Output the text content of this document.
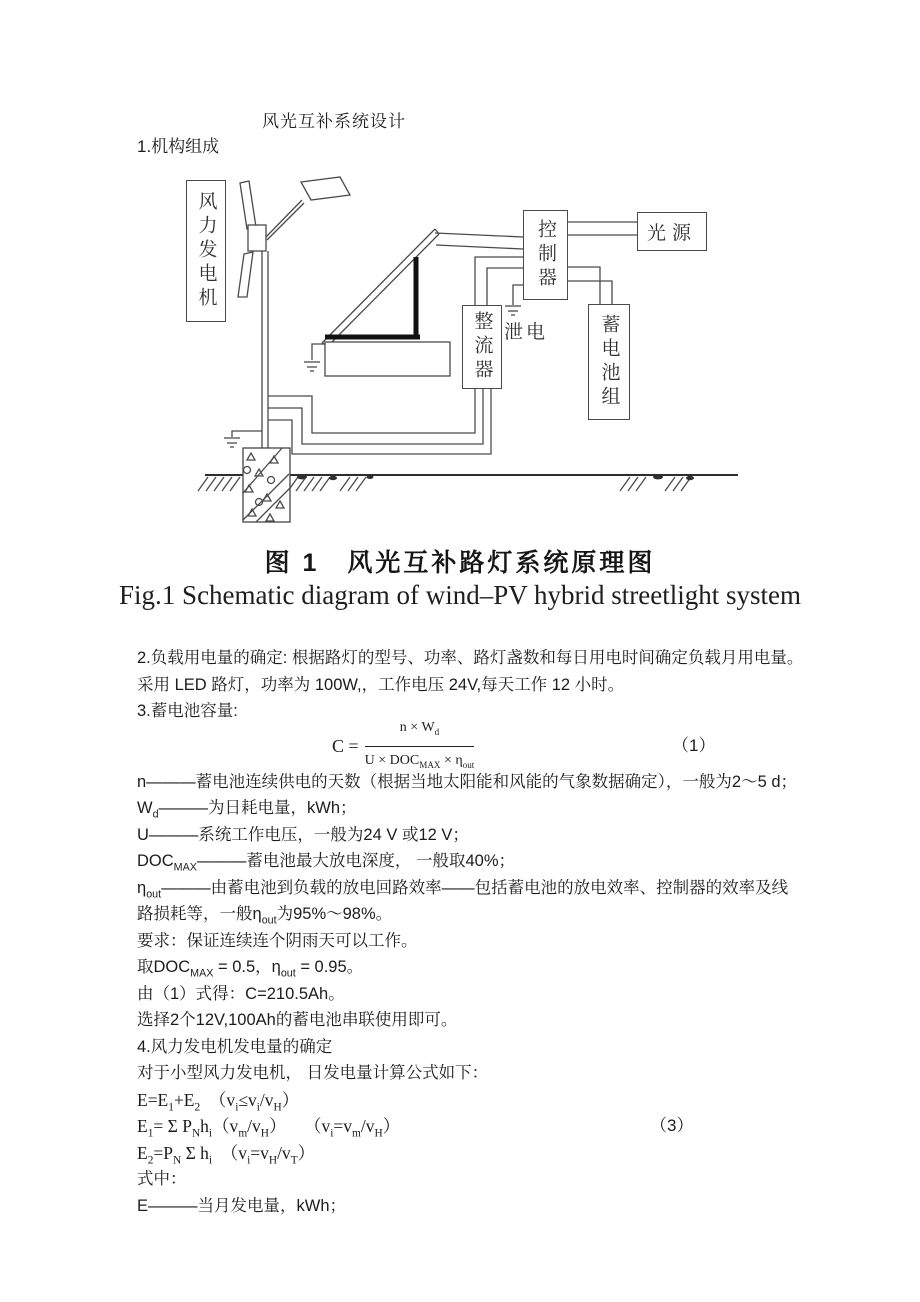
风光互补系统设计
1.机构组成
风力发电机	控制器	光源
整流器 泄电	蓄电池组
图 1　风光互补路灯系统原理图
Fig.1 Schematic diagram of wind–PV hybrid streetlight system
2.负载用电量的确定: 根据路灯的型号、功率、路灯盏数和每日用电时间确定负载月用电量。
采用 LED 路灯，功率为 100W,，工作电压 24V,每天工作 12 小时。
3.蓄电池容量:
$C = \frac{n \times W_d}{U \times DOC_{MAX} \times \eta_{out}}$	（1）
n———蓄电池连续供电的天数（根据当地太阳能和风能的气象数据确定），一般为2～5 d；
$W_d———$为日耗电量，kWh；
U———系统工作电压，一般为24 V 或12 V；
$DOC_{MAX}———$蓄电池最大放电深度， 一般取40%；
$\eta_{out}———$由蓄电池到负载的放电回路效率——包括蓄电池的放电效率、控制器的效率及线
路损耗等，一般$\eta_{out}$为95%～98%。
要求：保证连续连个阴雨天可以工作。
取$DOC_{MAX} = 0.5$，$\eta_{out} = 0.95$。
由（1）式得：C=210.5Ah。
选择2个12V,100Ah的蓄电池串联使用即可。
4.风力发电机发电量的确定
对于小型风力发电机， 日发电量计算公式如下：
$E=E_1+E_2$　$(v_i\le v_i/v_H)$
$E_1= \Sigma$ $P_Nh_i(v_m/v_H)$　　$(v_i=v_m/v_H)$	（3）
$E_2=P_N$ Σ $h_i$　$(v_i=v_H/v_T)$
式中：
E———当月发电量，kWh；
